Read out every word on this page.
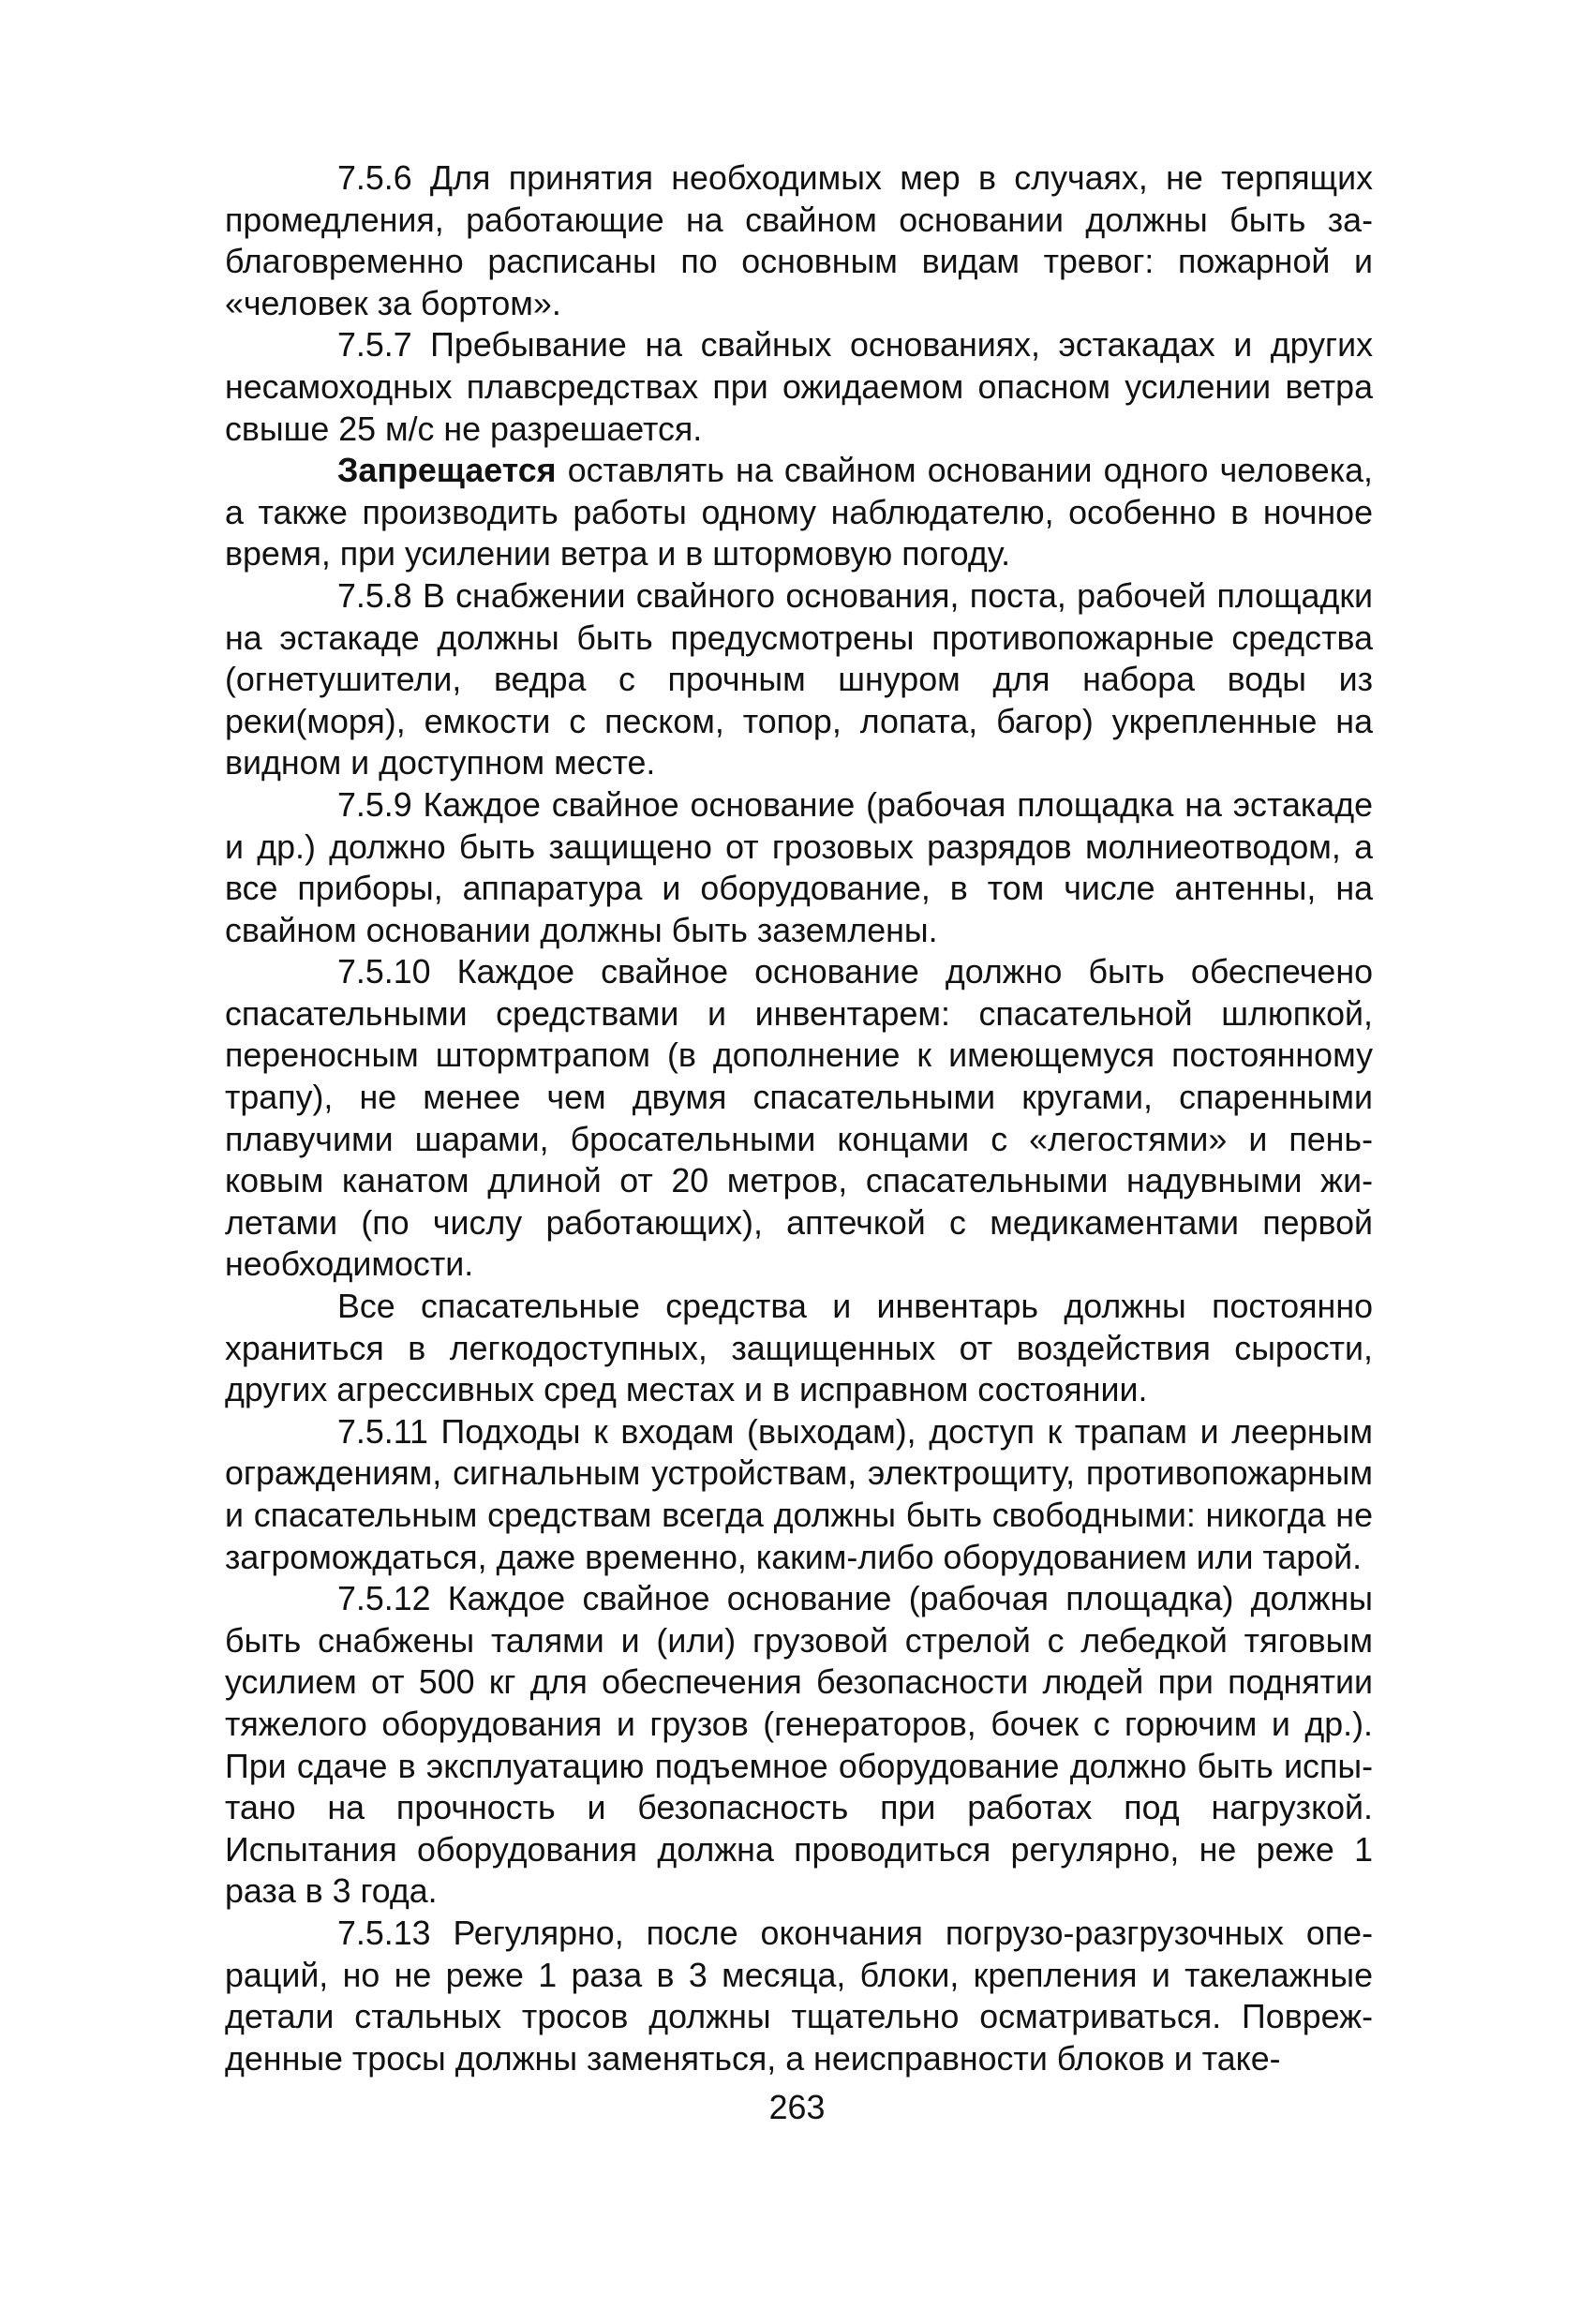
7.5.6 Для принятия необходимых мер в случаях, не терпящих промедления, работающие на свайном основании должны быть заблаговременно расписаны по основным видам тревог: пожарной и «человек за бортом».

7.5.7 Пребывание на свайных основаниях, эстакадах и других несамоходных плавсредствах при ожидаемом опасном усилении ветра свыше 25 м/с не разрешается.

Запрещается оставлять на свайном основании одного человека, а также производить работы одному наблюдателю, особенно в ночное время, при усилении ветра и в штормовую погоду.

7.5.8 В снабжении свайного основания, поста, рабочей площадки на эстакаде должны быть предусмотрены противопожарные средства (огнетушители, ведра с прочным шнуром для набора воды из реки(моря), емкости с песком, топор, лопата, багор) укрепленные на видном и доступном месте.

7.5.9 Каждое свайное основание (рабочая площадка на эстакаде и др.) должно быть защищено от грозовых разрядов молниеотводом, а все приборы, аппаратура и оборудование, в том числе антенны, на свайном основании должны быть заземлены.

7.5.10 Каждое свайное основание должно быть обеспечено спасательными средствами и инвентарем: спасательной шлюпкой, переносным штормтрапом (в дополнение к имеющемуся постоянному трапу), не менее чем двумя спасательными кругами, спаренными плавучими шарами, бросательными концами с «легостями» и пеньковым канатом длиной от 20 метров, спасательными надувными жилетами (по числу работающих), аптечкой с медикаментами первой необходимости.

Все спасательные средства и инвентарь должны постоянно храниться в легкодоступных, защищенных от воздействия сырости, других агрессивных сред местах и в исправном состоянии.

7.5.11 Подходы к входам (выходам), доступ к трапам и леерным ограждениям, сигнальным устройствам, электрощиту, противопожарным и спасательным средствам всегда должны быть свободными: никогда не загромождаться, даже временно, каким-либо оборудованием или тарой.

7.5.12 Каждое свайное основание (рабочая площадка) должны быть снабжены талями и (или) грузовой стрелой с лебедкой тяговым усилием от 500 кг для обеспечения безопасности людей при поднятии тяжелого оборудования и грузов (генераторов, бочек с горючим и др.). При сдаче в эксплуатацию подъемное оборудование должно быть испытано на прочность и безопасность при работах под нагрузкой. Испытания оборудования должна проводиться регулярно, не реже 1 раза в 3 года.

7.5.13 Регулярно, после окончания погрузо-разгрузочных операций, но не реже 1 раза в 3 месяца, блоки, крепления и такелажные детали стальных тросов должны тщательно осматриваться. Поврежденные тросы должны заменяться, а неисправности блоков и таке-

263
